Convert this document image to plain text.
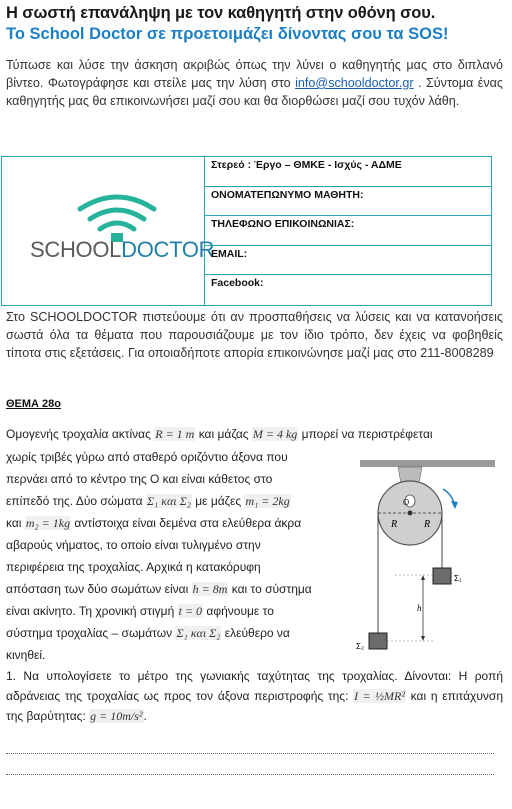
Η σωστή επανάληψη με τον καθηγητή στην οθόνη σου.
Το School Doctor σε προετοιμάζει δίνοντας σου τα SOS!
Τύπωσε και λύσε την άσκηση ακριβώς όπως την λύνει ο καθηγητής μας στο διπλανό βίντεο. Φωτογράφησε και στείλε μας την λύση στο info@schooldoctor.gr . Σύντομα ένας καθηγητής μας θα επικοινωνήσει μαζί σου και θα διορθώσει μαζί σου τυχόν λάθη.
SCHOOLDOCTOR
Στερεό : Έργο – ΘΜΚΕ - Ισχύς - ΑΔΜΕ
ΟΝΟΜΑΤΕΠΩΝΥΜΟ ΜΑΘΗΤΗ:
ΤΗΛΕΦΩΝΟ ΕΠΙΚΟΙΝΩΝΙΑΣ:
EMAIL:
Facebook:
Στο SCHOOLDOCTOR πιστεύουμε ότι αν προσπαθήσεις να λύσεις και να κατανοήσεις σωστά όλα τα θέματα που παρουσιάζουμε με τον ίδιο τρόπο, δεν έχεις να φοβηθείς τίποτα στις εξετάσεις. Για οποιαδήποτε απορία επικοινώνησε μαζί μας στο 211-8008289
ΘΕΜΑ 28ο
Ομογενής τροχαλία ακτίνας R = 1 m και μάζας M = 4 kg μπορεί να περιστρέφεται
χωρίς τριβές γύρω από σταθερό οριζόντιο άξονα που
περνάει από το κέντρο της Ο και είναι κάθετος στο
επίπεδό της. Δύο σώματα Σ₁ και Σ₂ με μάζες m₁ = 2kg
και m₂ = 1kg αντίστοιχα είναι δεμένα στα ελεύθερα άκρα
αβαρούς νήματος, το οποίο είναι τυλιγμένο στην
περιφέρεια της τροχαλίας. Αρχικά η κατακόρυφη
απόσταση των δύο σωμάτων είναι h = 8m και το σύστημα
είναι ακίνητο. Τη χρονική στιγμή t = 0 αφήνουμε το
σύστημα τροχαλίας – σωμάτων Σ₁ και Σ₂ ελεύθερο να
κινηθεί.
O
R	R
Σ₁
Σ₂
h
1. Να υπολογίσετε το μέτρο της γωνιακής ταχύτητας της τροχαλίας. Δίνονται: Η ροπή αδράνειας της τροχαλίας ως προς τον άξονα περιστροφής της: I = ½MR² και η επιτάχυνση της βαρύτητας: g = 10m/s².
